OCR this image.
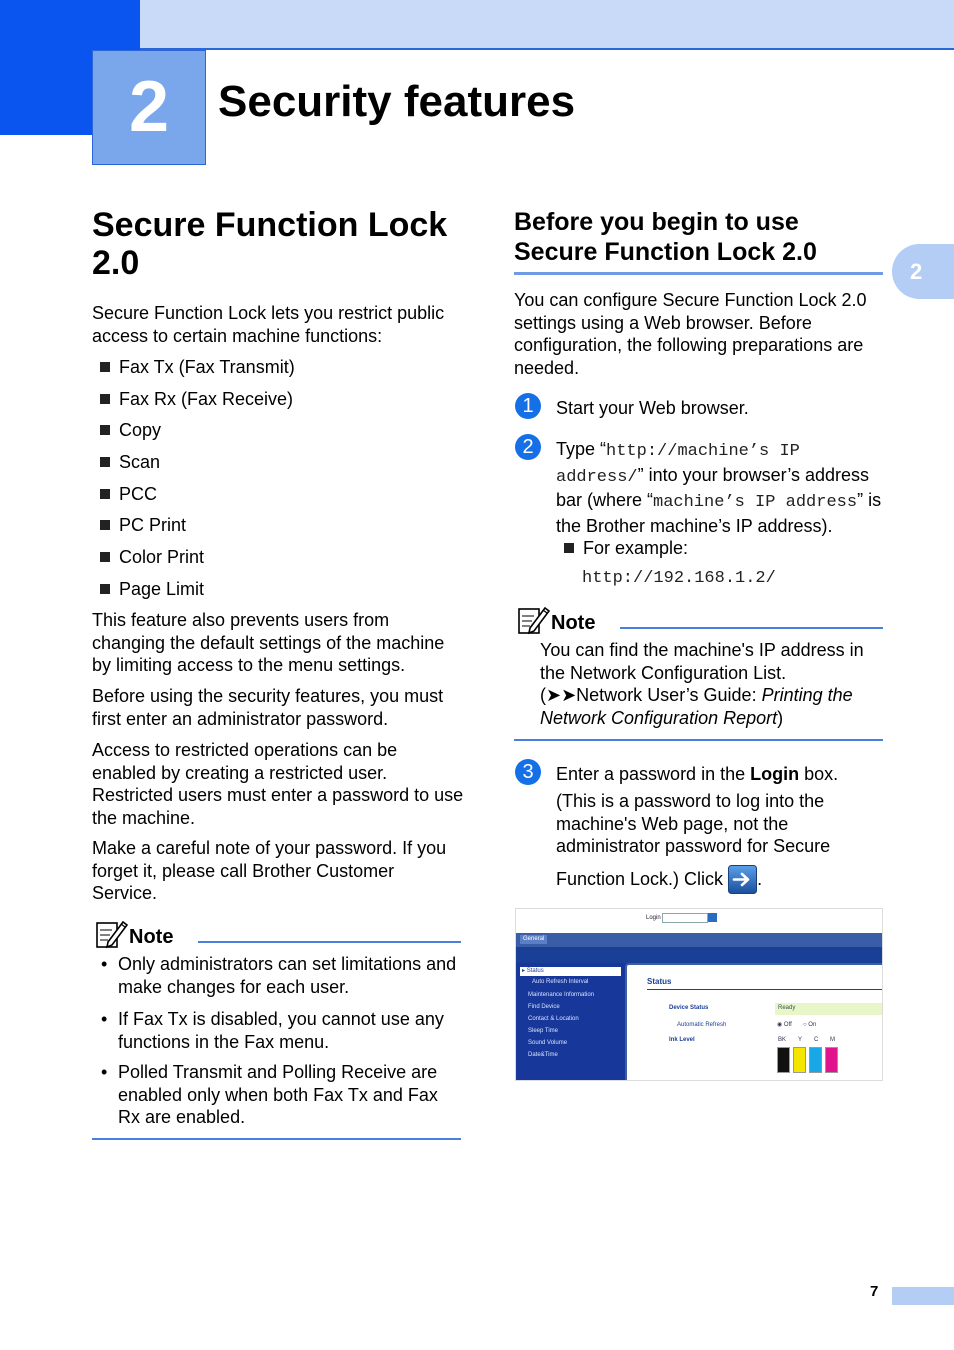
2	Security features
2
Secure Function Lock 2.0
Secure Function Lock lets you restrict public access to certain machine functions:
Fax Tx (Fax Transmit)
Fax Rx (Fax Receive)
Copy
Scan
PCC
PC Print
Color Print
Page Limit
This feature also prevents users from changing the default settings of the machine by limiting access to the menu settings.
Before using the security features, you must first enter an administrator password.
Access to restricted operations can be enabled by creating a restricted user. Restricted users must enter a password to use the machine.
Make a careful note of your password. If you forget it, please call Brother Customer Service.
Note
• Only administrators can set limitations and make changes for each user.
• If Fax Tx is disabled, you cannot use any functions in the Fax menu.
• Polled Transmit and Polling Receive are enabled only when both Fax Tx and Fax Rx are enabled.
Before you begin to use Secure Function Lock 2.0
You can configure Secure Function Lock 2.0 settings using a Web browser. Before configuration, the following preparations are needed.
1	Start your Web browser.
2	Type “http://machine’s IP address/” into your browser’s address bar (where “machine’s IP address” is the Brother machine’s IP address).
For example:
http://192.168.1.2/
Note
You can find the machine's IP address in the Network Configuration List.
(➤➤Network User’s Guide: Printing the Network Configuration Report)
3	Enter a password in the Login box.
(This is a password to log into the machine's Web page, not the administrator password for Secure
Function Lock.) Click .
Login
General
▸ Status
Auto Refresh Interval
Maintenance Information
Find Device
Contact & Location
Sleep Time
Sound Volume
Date&Time
Status
Device Status	Ready
Automatic Refresh	◉ Off ○ On
Ink Level	BK Y C M
7
